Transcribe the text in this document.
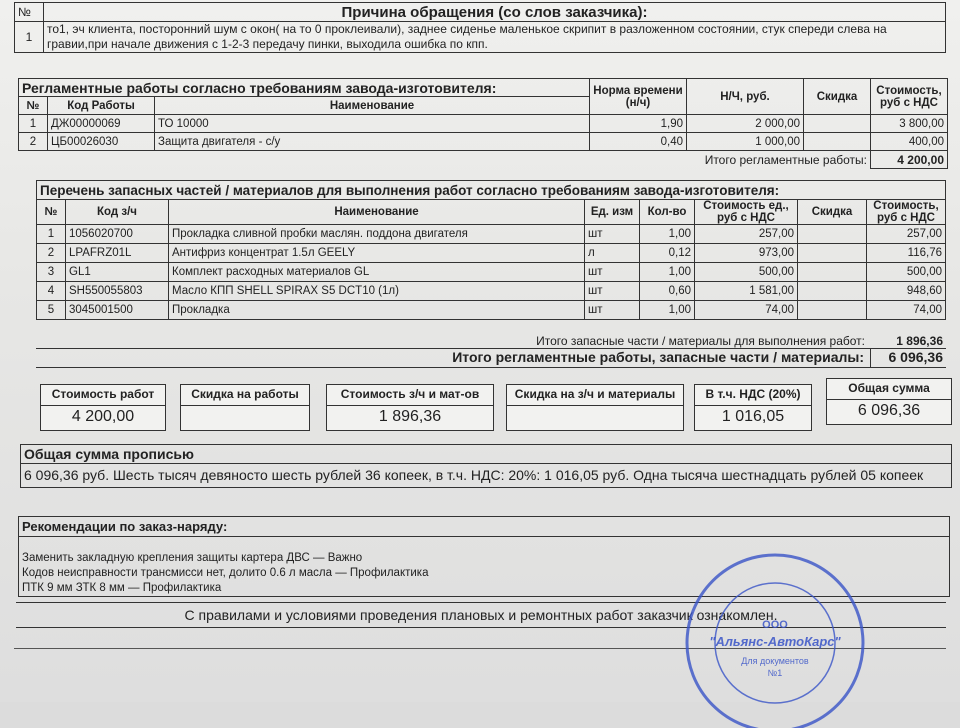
№	Причина обращения (со слов заказчика):
1	то1, эч клиента, посторонний шум с окон( на то 0 проклеивали), заднее сиденье маленькое скрипит в разложенном состоянии, стук спереди слева на гравии,при начале движения с 1-2-3 передачу пинки, выходила ошибка по кпп.
Регламентные работы согласно требованиям завода-изготовителя:			Норма времени (н/ч)	Н/Ч, руб.	Скидка	Стоимость, руб с НДС
№	Код Работы	Наименование				
1	ДЖ00000069	ТО 10000	1,90	2 000,00		3 800,00
2	ЦБ00026030	Защита двигателя - с/у	0,40	1 000,00		400,00
Итого регламентные работы:						4 200,00
Перечень запасных частей / материалов для выполнения работ согласно требованиям завода-изготовителя:							
№	Код з/ч	Наименование	Ед. изм	Кол-во	Стоимость ед., руб с НДС	Скидка	Стоимость, руб с НДС

1	1056020700	Прокладка сливной пробки маслян. поддона двигателя	шт	1,00	257,00		257,00
2	LPAFRZ01L	Антифриз концентрат 1.5л GEELY	л	0,12	973,00		116,76
3	GL1	Комплект расходных материалов GL	шт	1,00	500,00		500,00
4	SH550055803	Масло КПП SHELL SPIRAX S5 DCT10 (1л)	шт	0,60	1 581,00		948,60
5	3045001500	Прокладка	шт	1,00	74,00		74,00
Итого запасные части / материалы для выполнения работ:	1 896,36
Итого регламентные работы, запасные части / материалы:	6 096,36
Стоимость работ
4 200,00
Скидка на работы	Стоимость з/ч и мат-ов
1 896,36
Скидка на з/ч и материалы	В т.ч. НДС (20%)
1 016,05
Общая сумма
6 096,36
Общая сумма прописью
6 096,36 руб. Шесть тысяч девяносто шесть рублей 36 копеек, в т.ч. НДС: 20%: 1 016,05 руб. Одна тысяча шестнадцать рублей 05 копеек
Рекомендации по заказ-наряду:
Заменить закладную крепления защиты картера ДВС — Важно
Кодов неисправности трансмисси нет, долито 0.6 л масла — Профилактика
ПТК 9 мм ЗТК 8 мм — Профилактика
С правилами и условиями проведения плановых и ремонтных работ заказчик ознакомлен.
ООО
"Альянс-АвтоКарс"
Для документов
№1
